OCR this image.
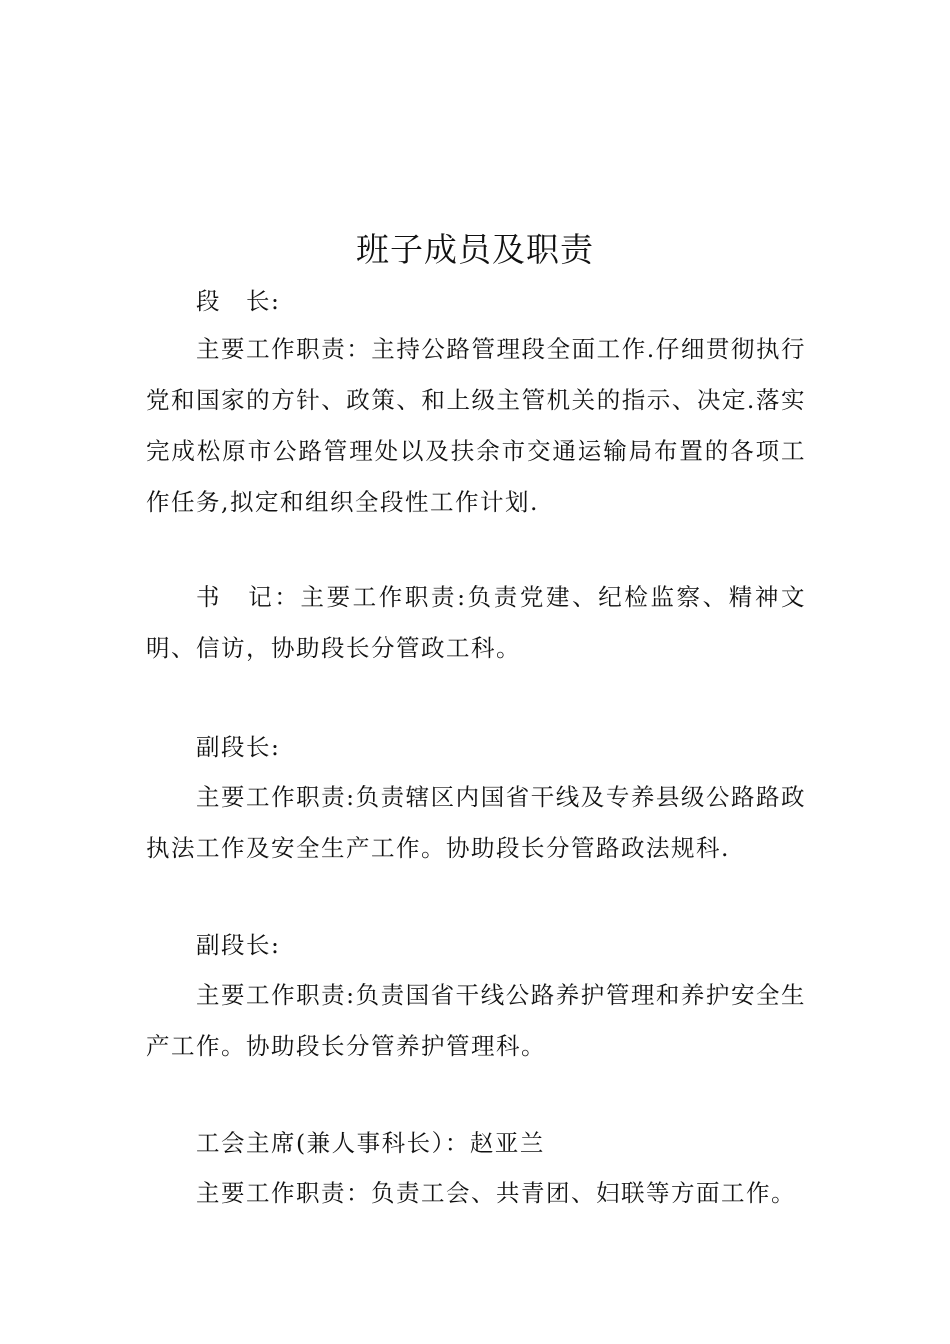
班子成员及职责

段　长:

主要工作职责：主持公路管理段全面工作.仔细贯彻执行党和国家的方针、政策、和上级主管机关的指示、决定.落实完成松原市公路管理处以及扶余市交通运输局布置的各项工作任务,拟定和组织全段性工作计划.

书　记：主要工作职责:负责党建、纪检监察、精神文明、信访，协助段长分管政工科。

副段长:

主要工作职责:负责辖区内国省干线及专养县级公路路政执法工作及安全生产工作。协助段长分管路政法规科.

副段长:

主要工作职责:负责国省干线公路养护管理和养护安全生产工作。协助段长分管养护管理科。

工会主席(兼人事科长）：赵亚兰

主要工作职责：负责工会、共青团、妇联等方面工作。
